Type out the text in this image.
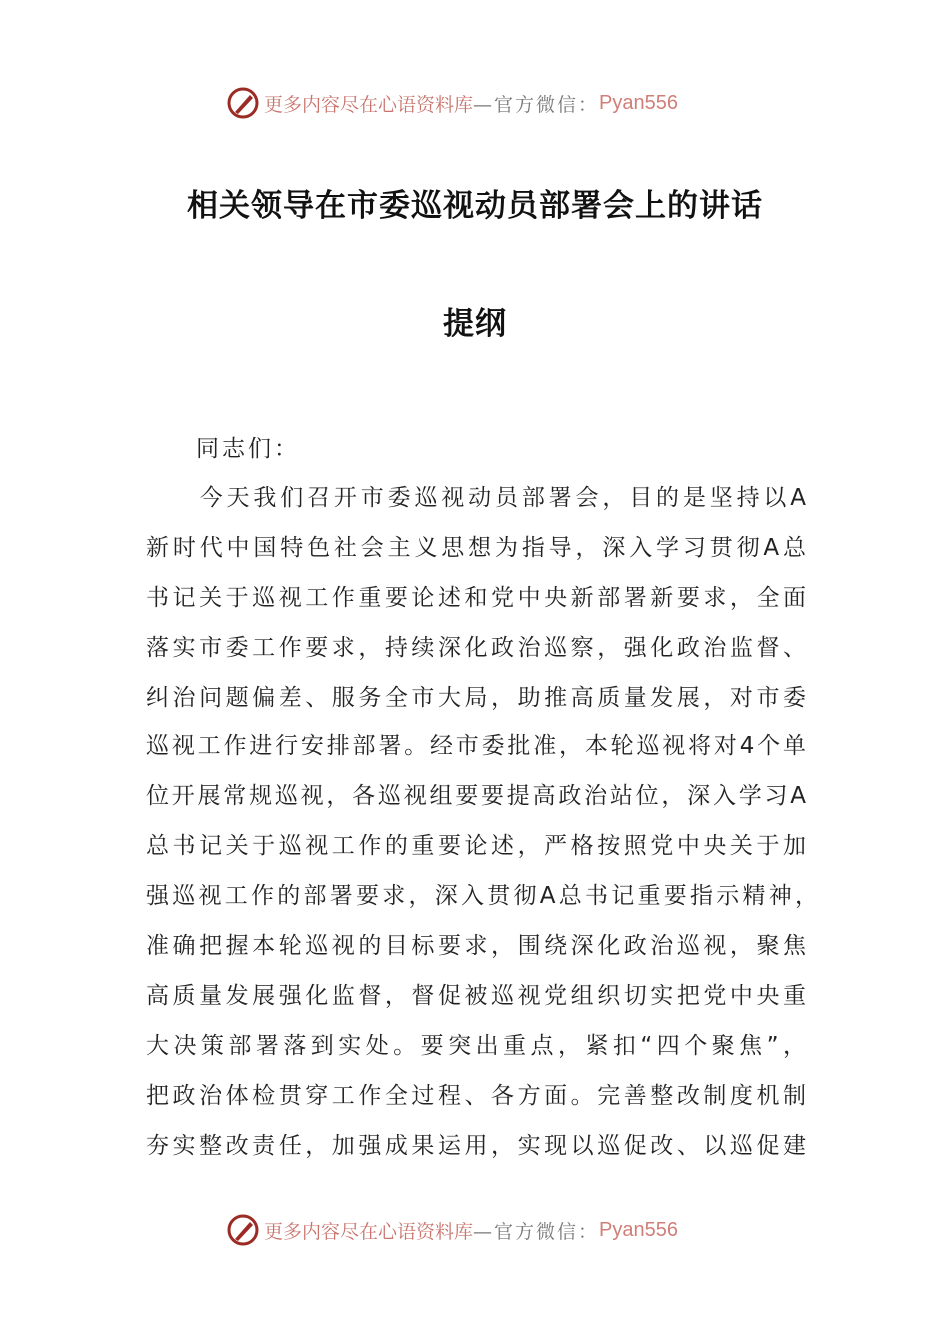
更多内容尽在心语资料库 —官方微信： Pyan556
相关领导在市委巡视动员部署会上的讲话
提纲
同志们：
　　今天我们召开市委巡视动员部署会，目的是坚持以A
新时代中国特色社会主义思想为指导，深入学习贯彻A总
书记关于巡视工作重要论述和党中央新部署新要求，全面
落实市委工作要求，持续深化政治巡察，强化政治监督、
纠治问题偏差、服务全市大局，助推高质量发展，对市委
巡视工作进行安排部署。经市委批准，本轮巡视将对4个单
位开展常规巡视，各巡视组要要提高政治站位，深入学习A
总书记关于巡视工作的重要论述，严格按照党中央关于加
强巡视工作的部署要求，深入贯彻A总书记重要指示精神，
准确把握本轮巡视的目标要求，围绕深化政治巡视，聚焦
高质量发展强化监督，督促被巡视党组织切实把党中央重
大决策部署落到实处。要突出重点，紧扣“四个聚焦”，
把政治体检贯穿工作全过程、各方面。完善整改制度机制
夯实整改责任，加强成果运用，实现以巡促改、以巡促建
更多内容尽在心语资料库 —官方微信： Pyan556
